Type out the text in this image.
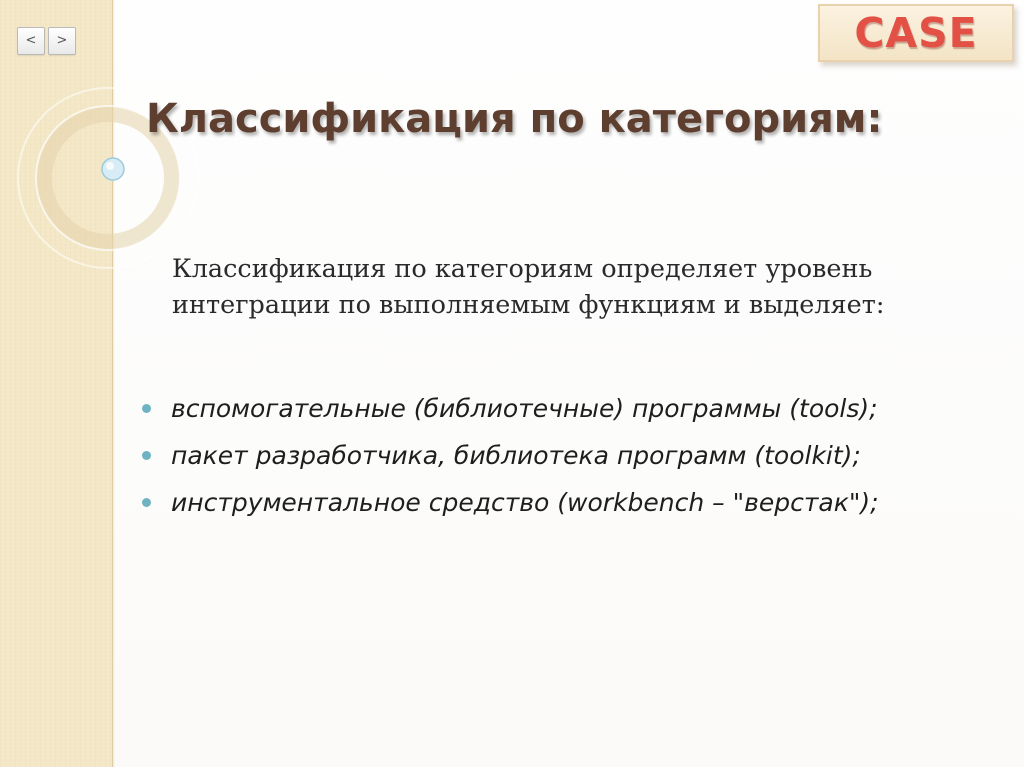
<	>	CASE
Классификация по категориям:

Классификация по категориям определяет уровень интеграции по выполняемым функциям и выделяет:

вспомогательные (библиотечные) программы (tools);
пакет разработчика, библиотека программ (toolkit);
инструментальное средство (workbench – "верстак");
